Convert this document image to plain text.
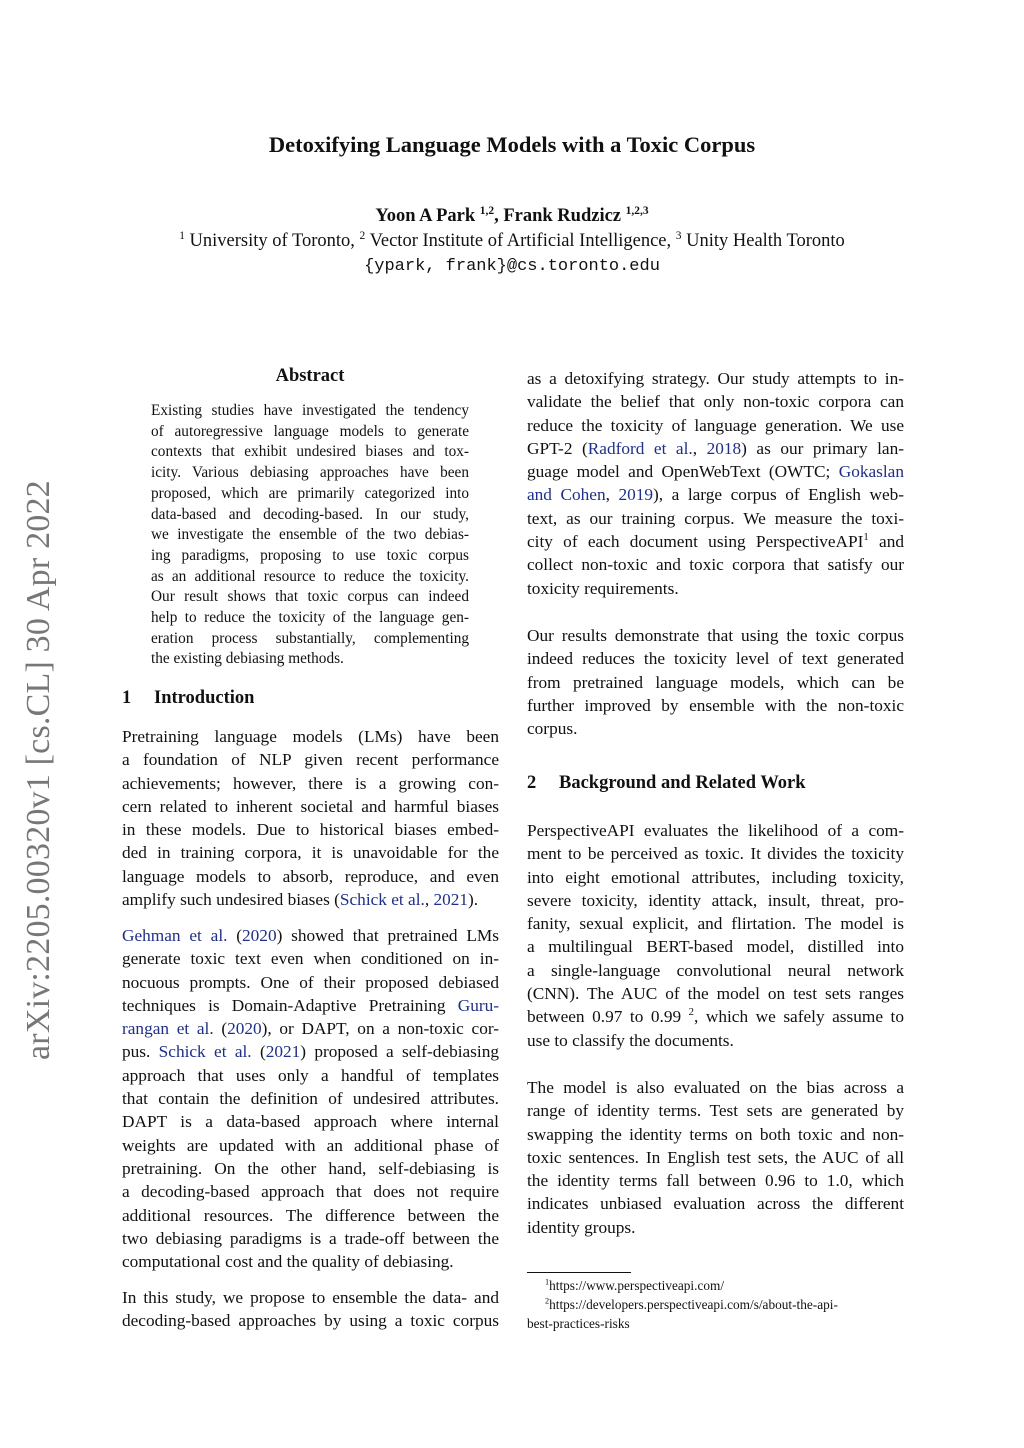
Detoxifying Language Models with a Toxic Corpus
Yoon A Park $^{1,2}$, Frank Rudzicz $^{1,2,3}$
$^1$ University of Toronto, $^2$ Vector Institute of Artificial Intelligence, $^3$ Unity Health Toronto
{ypark, frank}@cs.toronto.edu
arXiv:2205.00320v1 [cs.CL] 30 Apr 2022
Abstract
Existing studies have investigated the tendency
of autoregressive language models to generate
contexts that exhibit undesired biases and tox-
icity. Various debiasing approaches have been
proposed, which are primarily categorized into
data-based and decoding-based. In our study,
we investigate the ensemble of the two debias-
ing paradigms, proposing to use toxic corpus
as an additional resource to reduce the toxicity.
Our result shows that toxic corpus can indeed
help to reduce the toxicity of the language gen-
eration process substantially, complementing
the existing debiasing methods.
1 Introduction
Pretraining language models (LMs) have been
a foundation of NLP given recent performance
achievements; however, there is a growing con-
cern related to inherent societal and harmful biases
in these models. Due to historical biases embed-
ded in training corpora, it is unavoidable for the
language models to absorb, reproduce, and even
amplify such undesired biases (Schick et al., 2021).
Gehman et al. (2020) showed that pretrained LMs
generate toxic text even when conditioned on in-
nocuous prompts. One of their proposed debiased
techniques is Domain-Adaptive Pretraining Guru-
rangan et al. (2020), or DAPT, on a non-toxic cor-
pus. Schick et al. (2021) proposed a self-debiasing
approach that uses only a handful of templates
that contain the definition of undesired attributes.
DAPT is a data-based approach where internal
weights are updated with an additional phase of
pretraining. On the other hand, self-debiasing is
a decoding-based approach that does not require
additional resources. The difference between the
two debiasing paradigms is a trade-off between the
computational cost and the quality of debiasing.
In this study, we propose to ensemble the data- and
decoding-based approaches by using a toxic corpus
as a detoxifying strategy. Our study attempts to in-
validate the belief that only non-toxic corpora can
reduce the toxicity of language generation. We use
GPT-2 (Radford et al., 2018) as our primary lan-
guage model and OpenWebText (OWTC; Gokaslan
and Cohen, 2019), a large corpus of English web-
text, as our training corpus. We measure the toxi-
city of each document using PerspectiveAPI$^1$ and
collect non-toxic and toxic corpora that satisfy our
toxicity requirements.
Our results demonstrate that using the toxic corpus
indeed reduces the toxicity level of text generated
from pretrained language models, which can be
further improved by ensemble with the non-toxic
corpus.
2 Background and Related Work
PerspectiveAPI evaluates the likelihood of a com-
ment to be perceived as toxic. It divides the toxicity
into eight emotional attributes, including toxicity,
severe toxicity, identity attack, insult, threat, pro-
fanity, sexual explicit, and flirtation. The model is
a multilingual BERT-based model, distilled into
a single-language convolutional neural network
(CNN). The AUC of the model on test sets ranges
between 0.97 to 0.99 $^2$, which we safely assume to
use to classify the documents.
The model is also evaluated on the bias across a
range of identity terms. Test sets are generated by
swapping the identity terms on both toxic and non-
toxic sentences. In English test sets, the AUC of all
the identity terms fall between 0.96 to 1.0, which
indicates unbiased evaluation across the different
identity groups.
$^1$https://www.perspectiveapi.com/
$^2$https://developers.perspectiveapi.com/s/about-the-api-
best-practices-risks
